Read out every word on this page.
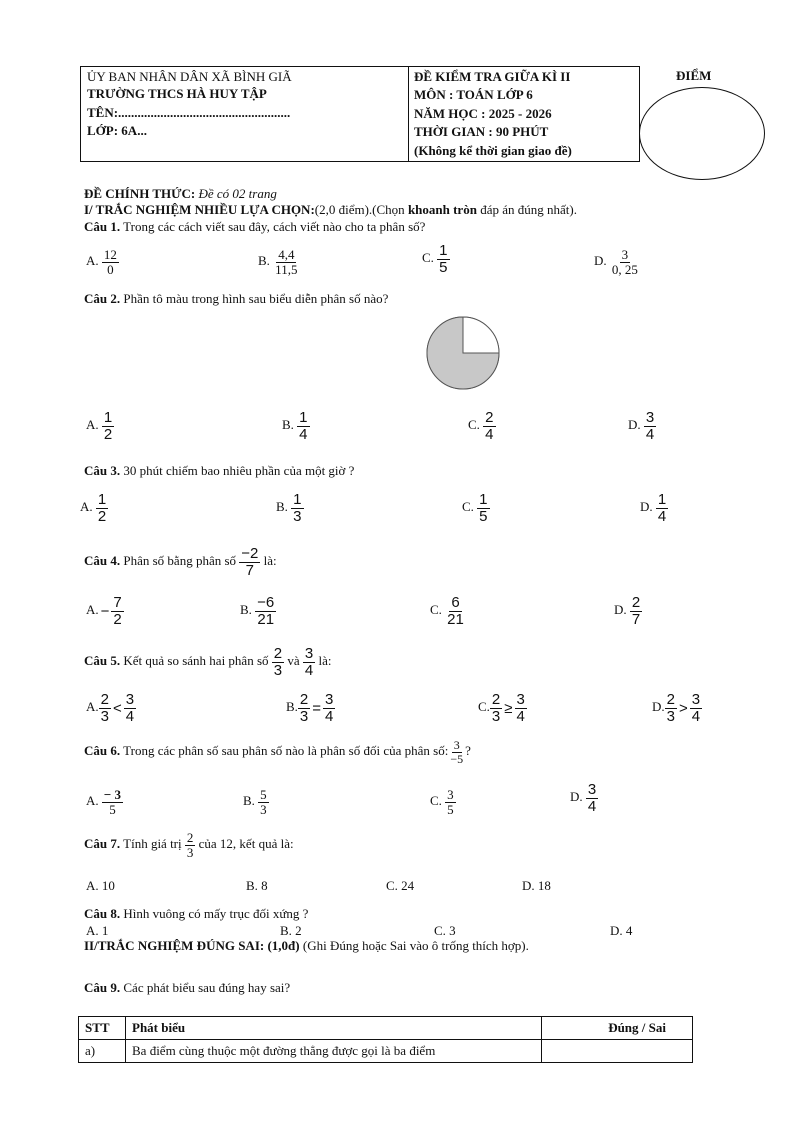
ỦY BAN NHÂN DÂN XÃ BÌNH GIÃ
TRƯỜNG THCS HÀ HUY TẬP
TÊN:.....................................................
LỚP: 6A...
ĐỀ KIỂM TRA GIỮA KÌ II
MÔN : TOÁN LỚP 6
NĂM HỌC : 2025 - 2026
THỜI GIAN : 90 PHÚT
(Không kể thời gian giao đề)
ĐIỂM
ĐỀ CHÍNH THỨC: Đề có 02 trang
I/ TRẮC NGHIỆM NHIỀU LỰA CHỌN:(2,0 điểm).(Chọn khoanh tròn đáp án đúng nhất).
Câu 1. Trong các cách viết sau đây, cách viết nào cho ta phân số?
A. $\frac{12}{0}$	B. $\frac{4,4}{11,5}$	C. $\frac{1}{5}$	D. $\frac{3}{0, 25}$
Câu 2. Phần tô màu trong hình sau biểu diễn phân số nào?
A. $\frac{1}{2}$	B. $\frac{1}{4}$	C. $\frac{2}{4}$	D. $\frac{3}{4}$
Câu 3. 30 phút chiếm bao nhiêu phần của một giờ ?
A. $\frac{1}{2}$	B. $\frac{1}{3}$	C. $\frac{1}{5}$	D. $\frac{1}{4}$
Câu 4. Phân số bằng phân số $\frac{-2}{7}$ là:
A. − $\frac{7}{2}$	B. $\frac{-6}{21}$	C. $\frac{6}{21}$	D. $\frac{2}{7}$
Câu 5. Kết quả so sánh hai phân số $\frac{2}{3}$ và $\frac{3}{4}$ là:
A. $\frac{2}{3} < \frac{3}{4}$	B. $\frac{2}{3} = \frac{3}{4}$	C. $\frac{2}{3} \ge \frac{3}{4}$	D. $\frac{2}{3} > \frac{3}{4}$
Câu 6. Trong các phân số sau phân số nào là phân số đối của phân số: $\frac{3}{-5}$ ?
A. $\frac{- 3}{5}$	B. $\frac{5}{3}$	C. $\frac{3}{5}$	D. $\frac{3}{4}$
Câu 7. Tính giá trị $\frac{2}{3}$ của 12, kết quả là:
A. 10	B. 8	C. 24	D. 18
Câu 8. Hình vuông có mấy trục đối xứng ?
A. 1	B. 2	C. 3	D. 4
II/TRẮC NGHIỆM ĐÚNG SAI: (1,0đ) (Ghi Đúng hoặc Sai vào ô trống thích hợp).
Câu 9. Các phát biểu sau đúng hay sai?
STT	Phát biểu	Đúng / Sai
a)	Ba điểm cùng thuộc một đường thẳng được gọi là ba điểm	
